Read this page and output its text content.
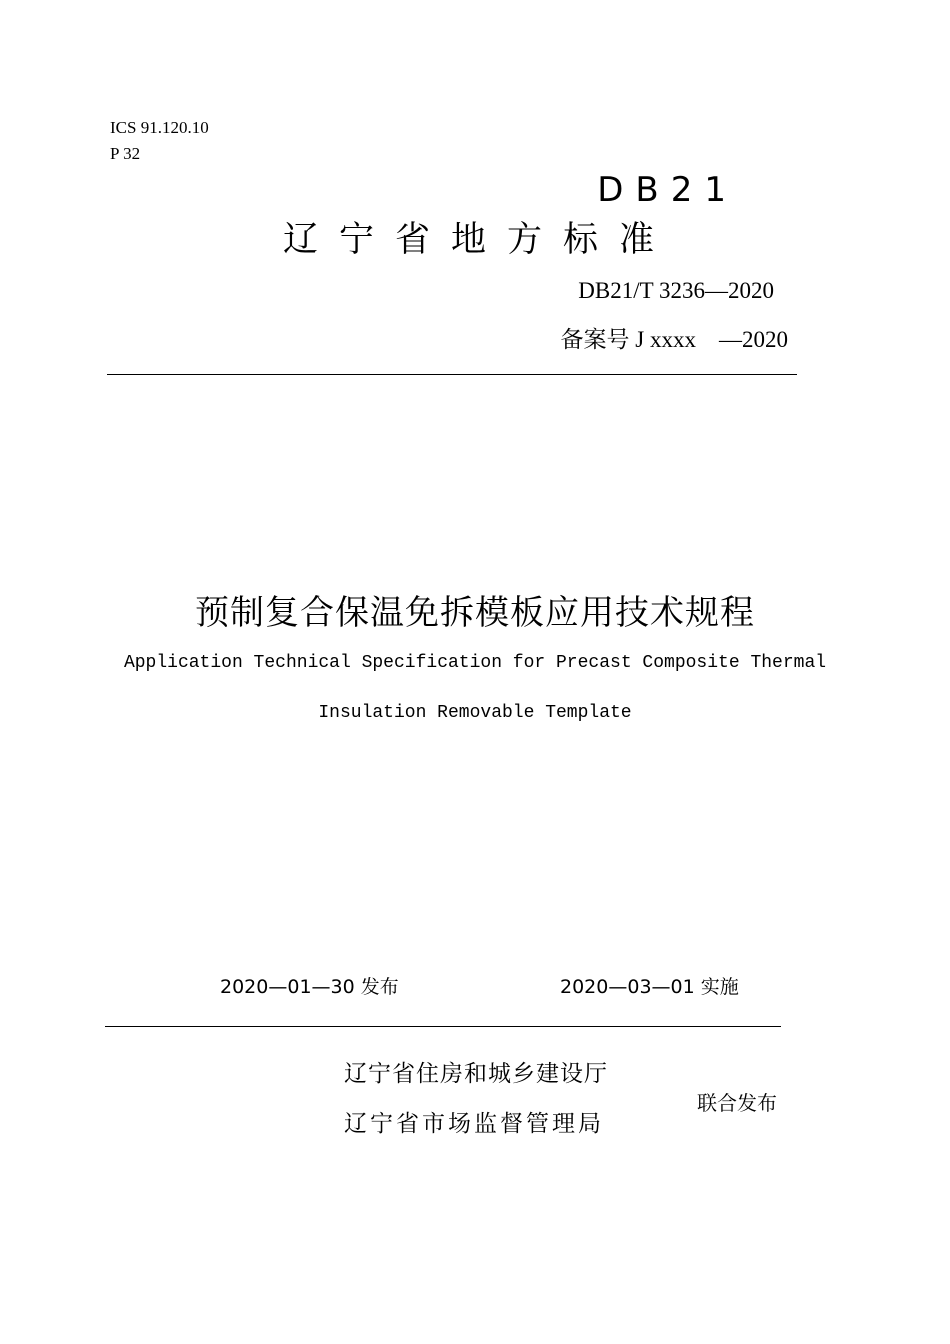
ICS 91.120.10
P 32
DB21
辽宁省地方标准
DB21/T 3236—2020
备案号 J xxxx    —2020
预制复合保温免拆模板应用技术规程
Application Technical Specification for Precast Composite Thermal
Insulation Removable Template
2020—01—30 发布	2020—03—01 实施
辽宁省住房和城乡建设厅
辽宁省市场监督管理局
联合发布
